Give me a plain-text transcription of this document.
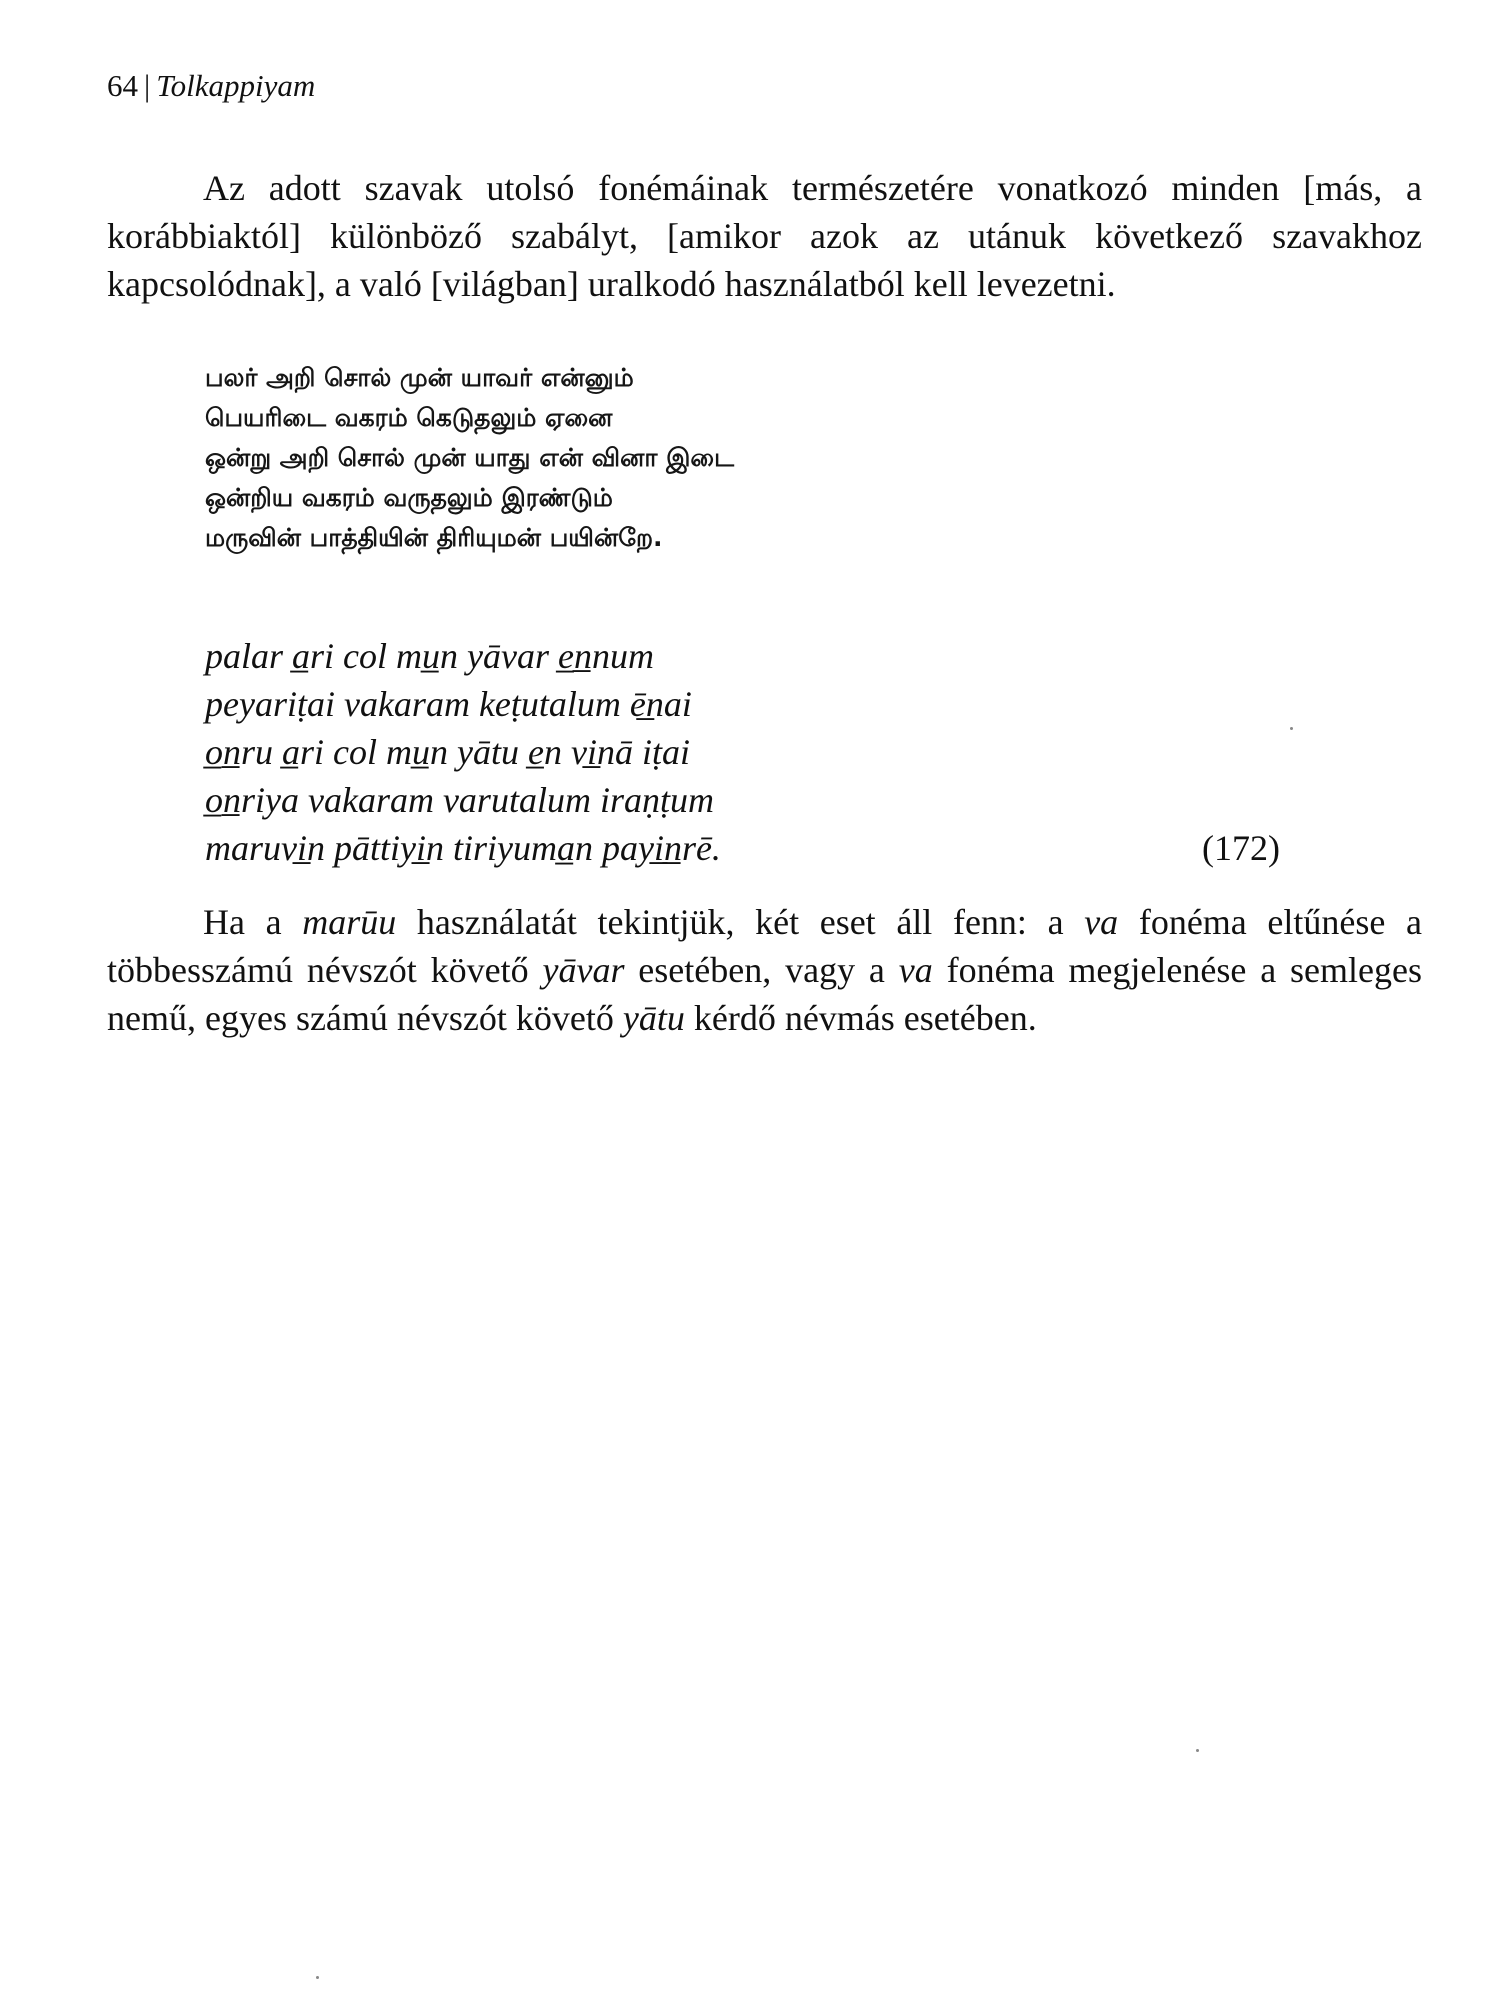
64 | Tolkappiyam

Az adott szavak utolsó fonémáinak természetére vonatkozó minden [más, a korábbiaktól] különböző szabályt, [amikor azok az utánuk következő szavakhoz kapcsolódnak], a való [világban] uralkodó használatból kell levezetni.

பலர் அறி சொல் முன் யாவர் என்னும்
பெயரிடை வகரம் கெடுதலும் ஏனை
ஒன்று அறி சொல் முன் யாது என் வினா இடை
ஒன்றிய வகரம் வருதலும் இரண்டும்
மருவின் பாத்தியின் திரியுமன் பயின்றே.
palar a̲ri col mu̲n yāvar e̲n̲num
peyariṭai vakaram keṭutalum ē̲nai
o̲n̲ru a̲ri col mu̲n yātu e̲n vi̲nā iṭai
o̲n̲riya vakaram varutalum iraṇṭum
maruvi̲n pāttiyi̲n tiriyuma̲n payi̲n̲rē.	(172)

Ha a marūu használatát tekintjük, két eset áll fenn: a va fonéma eltűnése a többesszámú névszót követő yāvar esetében, vagy a va fonéma megjelenése a semleges nemű, egyes számú névszót követő yātu kérdő névmás esetében.
